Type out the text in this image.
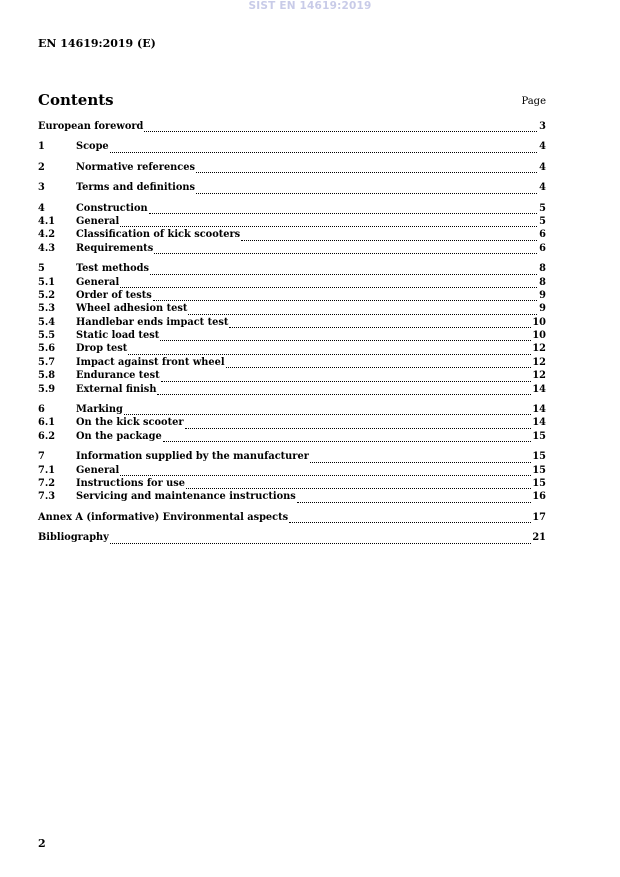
SIST EN 14619:2019
EN 14619:2019 (E)
Contents	Page
European foreword	3
1	Scope	4
2	Normative references	4
3	Terms and definitions	4
4	Construction	5
4.1	General	5
4.2	Classification of kick scooters	6
4.3	Requirements	6
5	Test methods	8
5.1	General	8
5.2	Order of tests	9
5.3	Wheel adhesion test	9
5.4	Handlebar ends impact test	10
5.5	Static load test	10
5.6	Drop test	12
5.7	Impact against front wheel	12
5.8	Endurance test	12
5.9	External finish	14
6	Marking	14
6.1	On the kick scooter	14
6.2	On the package	15
7	Information supplied by the manufacturer	15
7.1	General	15
7.2	Instructions for use	15
7.3	Servicing and maintenance instructions	16
Annex A (informative) Environmental aspects	17
Bibliography	21
2
